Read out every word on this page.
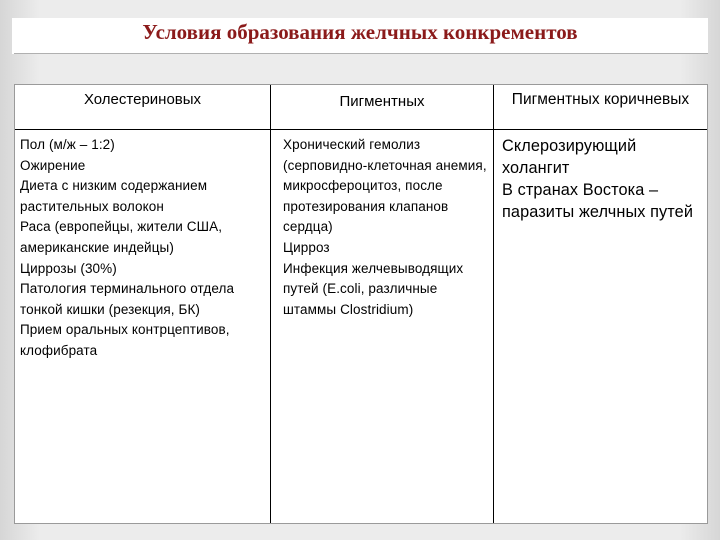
Условия образования желчных конкрементов
Холестериновых	Пигментных	Пигментных коричневых

Пол (м/ж – 1:2)

Ожирение

Диета с низким содержанием растительных волокон

Раса (европейцы, жители США, американские индейцы)

Циррозы (30%)

Патология терминального отдела тонкой кишки (резекция, БК)

Прием оральных контрцептивов, клофибрата

Хронический гемолиз (серповидно-клеточная анемия, микросфероцитоз, после протезирования клапанов сердца)

Цирроз

Инфекция желчевыводящих путей (E.coli, различные штаммы Clostridium)

Склерозирующий холангит

В странах Востока – паразиты желчных путей
